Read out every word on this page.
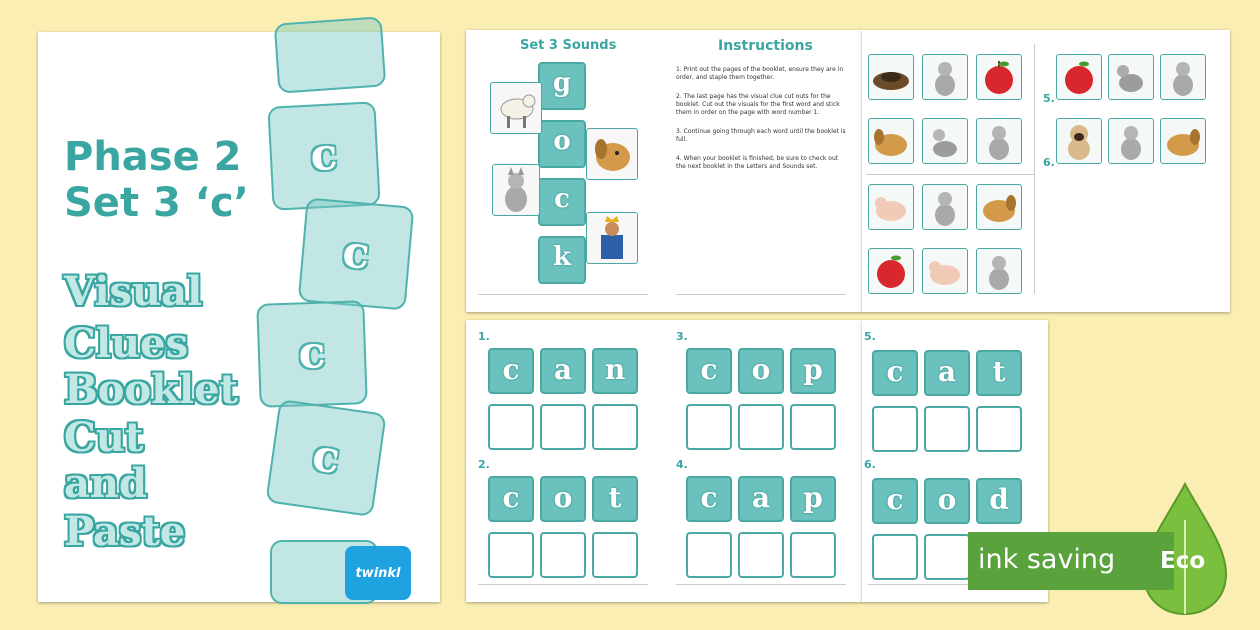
Phase 2
Set 3 ‘c’
Visual
Clues
Booklet
Cut
and
Paste
c
c
c
c
twinkl
Set 3 Sounds	Instructions
g
o
c
k
1. Print out the pages of the booklet, ensure they are in order, and staple them together.
2. The last page has the visual clue cut outs for the booklet. Cut out the visuals for the first word and stick them in order on the page with word number 1.
3. Continue going through each word until the booklet is full.
4. When your booklet is finished, be sure to check out the next booklet in the Letters and Sounds set.
5.
6.
1.
c	a	n
2.
c	o	t
3.
c	o	p
4.
c	a	p
5.
c	a	t
6.
c	o	d
ink saving Eco
